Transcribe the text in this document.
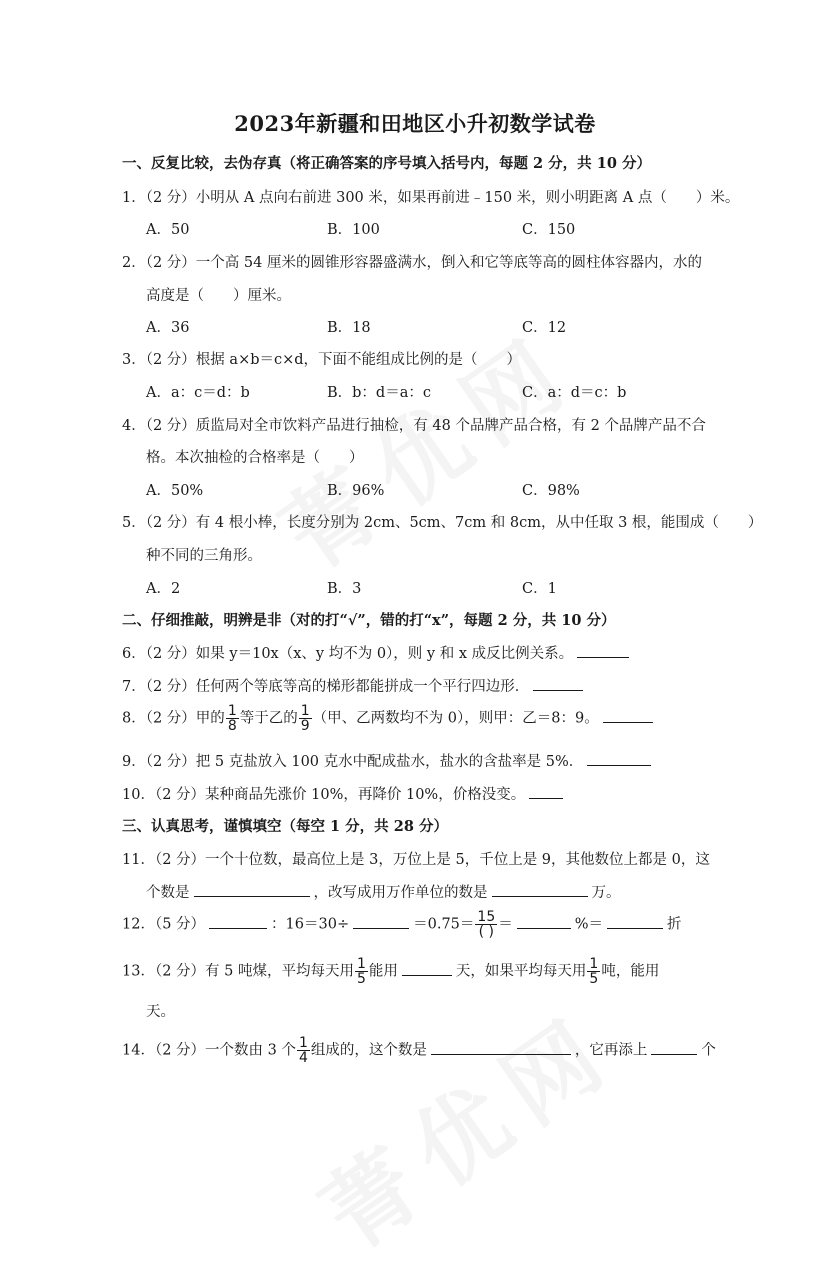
2023年新疆和田地区小升初数学试卷
一、反复比较，去伪存真（将正确答案的序号填入括号内，每题 2 分，共 10 分）
1．（2 分）小明从 A 点向右前进 300 米，如果再前进﹣150 米，则小明距离 A 点（　　）米。
A．50	B．100	C．150
2．（2 分）一个高 54 厘米的圆锥形容器盛满水，倒入和它等底等高的圆柱体容器内，水的
高度是（　　）厘米。
A．36	B．18	C．12
3．（2 分）根据 a×b＝c×d，下面不能组成比例的是（　　）
A．a：c＝d：b	B．b：d＝a：c	C．a：d＝c：b
4．（2 分）质监局对全市饮料产品进行抽检，有 48 个品牌产品合格，有 2 个品牌产品不合
格。本次抽检的合格率是（　　）
A．50%	B．96%	C．98%
5．（2 分）有 4 根小棒，长度分别为 2cm、5cm、7cm 和 8cm，从中任取 3 根，能围成（　　）
种不同的三角形。
A．2	B．3	C．1
二、仔细推敲，明辨是非（对的打“√”，错的打“x”，每题 2 分，共 10 分）
6．（2 分）如果 y＝10x（x、y 均不为 0），则 y 和 x 成反比例关系。
7．（2 分）任何两个等底等高的梯形都能拼成一个平行四边形．
8．（2 分）甲的 $\frac{1}{8}$ 等于乙的 $\frac{1}{9}$ （甲、乙两数均不为 0），则甲：乙＝8：9。
9．（2 分）把 5 克盐放入 100 克水中配成盐水，盐水的含盐率是 5%．
10．（2 分）某种商品先涨价 10%，再降价 10%，价格没变。
三、认真思考，谨慎填空（每空 1 分，共 28 分）
11．（2 分）一个十位数，最高位上是 3，万位上是 5，千位上是 9，其他数位上都是 0，这
个数是	，改写成用万作单位的数是	万。
12．（5 分）	：16＝30÷	$=0.75= \frac{15}{( )}$ ＝	%＝	折
13．（2 分）有 5 吨煤，平均每天用 $\frac{1}{5}$ 能用	天，如果平均每天用 $\frac{1}{5}$ 吨，能用
天。
14．（2 分）一个数由 3 个 $\frac{1}{4}$ 组成的，这个数是	，它再添上	个
